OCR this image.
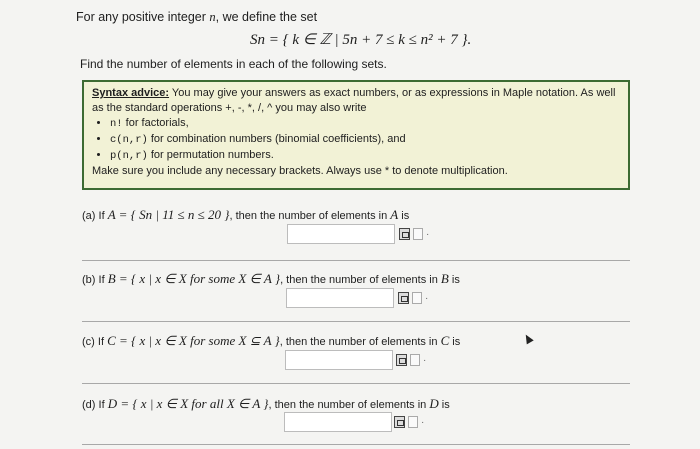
For any positive integer n, we define the set
Sn = { k ∈ ℤ | 5n + 7 ≤ k ≤ n² + 7 }.
Find the number of elements in each of the following sets.
Syntax advice: You may give your answers as exact numbers, or as expressions in Maple notation. As well as the standard operations +, -, *, /, ^ you may also write
• n! for factorials,
• c(n,r) for combination numbers (binomial coefficients), and
• p(n,r) for permutation numbers.
Make sure you include any necessary brackets. Always use * to denote multiplication.
(a) If A = { Sn | 11 ≤ n ≤ 20 }, then the number of elements in A is
·
(b) If B = { x | x ∈ X for some X ∈ A }, then the number of elements in B is
·
(c) If C = { x | x ∈ X for some X ⊆ A }, then the number of elements in C is
·
(d) If D = { x | x ∈ X for all X ∈ A }, then the number of elements in D is
·
